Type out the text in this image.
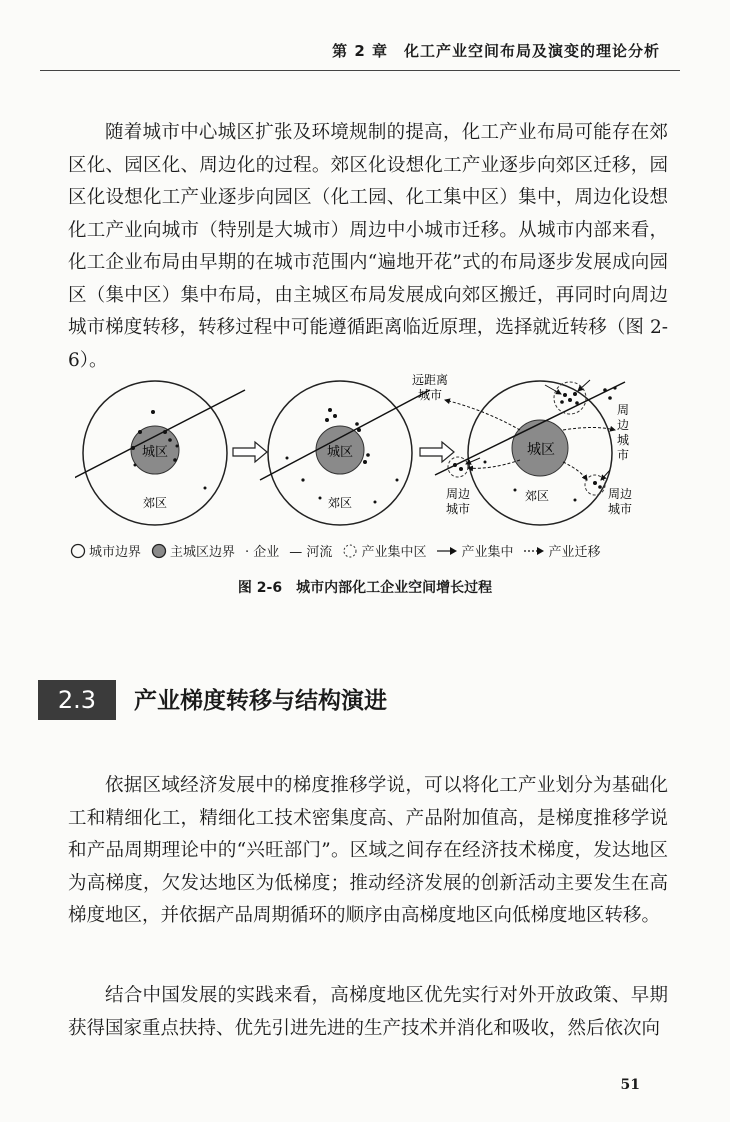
第 2 章　化工产业空间布局及演变的理论分析

随着城市中心城区扩张及环境规制的提高，化工产业布局可能存在郊区化、园区化、周边化的过程。郊区化设想化工产业逐步向郊区迁移，园区化设想化工产业逐步向园区（化工园、化工集中区）集中，周边化设想化工产业向城市（特别是大城市）周边中小城市迁移。从城市内部来看，化工企业布局由早期的在城市范围内“遍地开花”式的布局逐步发展成向园区（集中区）集中布局，由主城区布局发展成向郊区搬迁，再同时向周边城市梯度转移，转移过程中可能遵循距离临近原理，选择就近转移（图 2-6）。

城区
郊区
城区
郊区
城区
郊区
远距离
城市
周边
城市
周边
城市
周边城市
城市边界 主城区边界 · 企业 — 河流 产业集中区	产业集中	产业迁移
图 2-6　城市内部化工企业空间增长过程
2.3	产业梯度转移与结构演进

依据区域经济发展中的梯度推移学说，可以将化工产业划分为基础化工和精细化工，精细化工技术密集度高、产品附加值高，是梯度推移学说和产品周期理论中的“兴旺部门”。区域之间存在经济技术梯度，发达地区为高梯度，欠发达地区为低梯度；推动经济发展的创新活动主要发生在高梯度地区，并依据产品周期循环的顺序由高梯度地区向低梯度地区转移。

结合中国发展的实践来看，高梯度地区优先实行对外开放政策、早期获得国家重点扶持、优先引进先进的生产技术并消化和吸收，然后依次向

51
